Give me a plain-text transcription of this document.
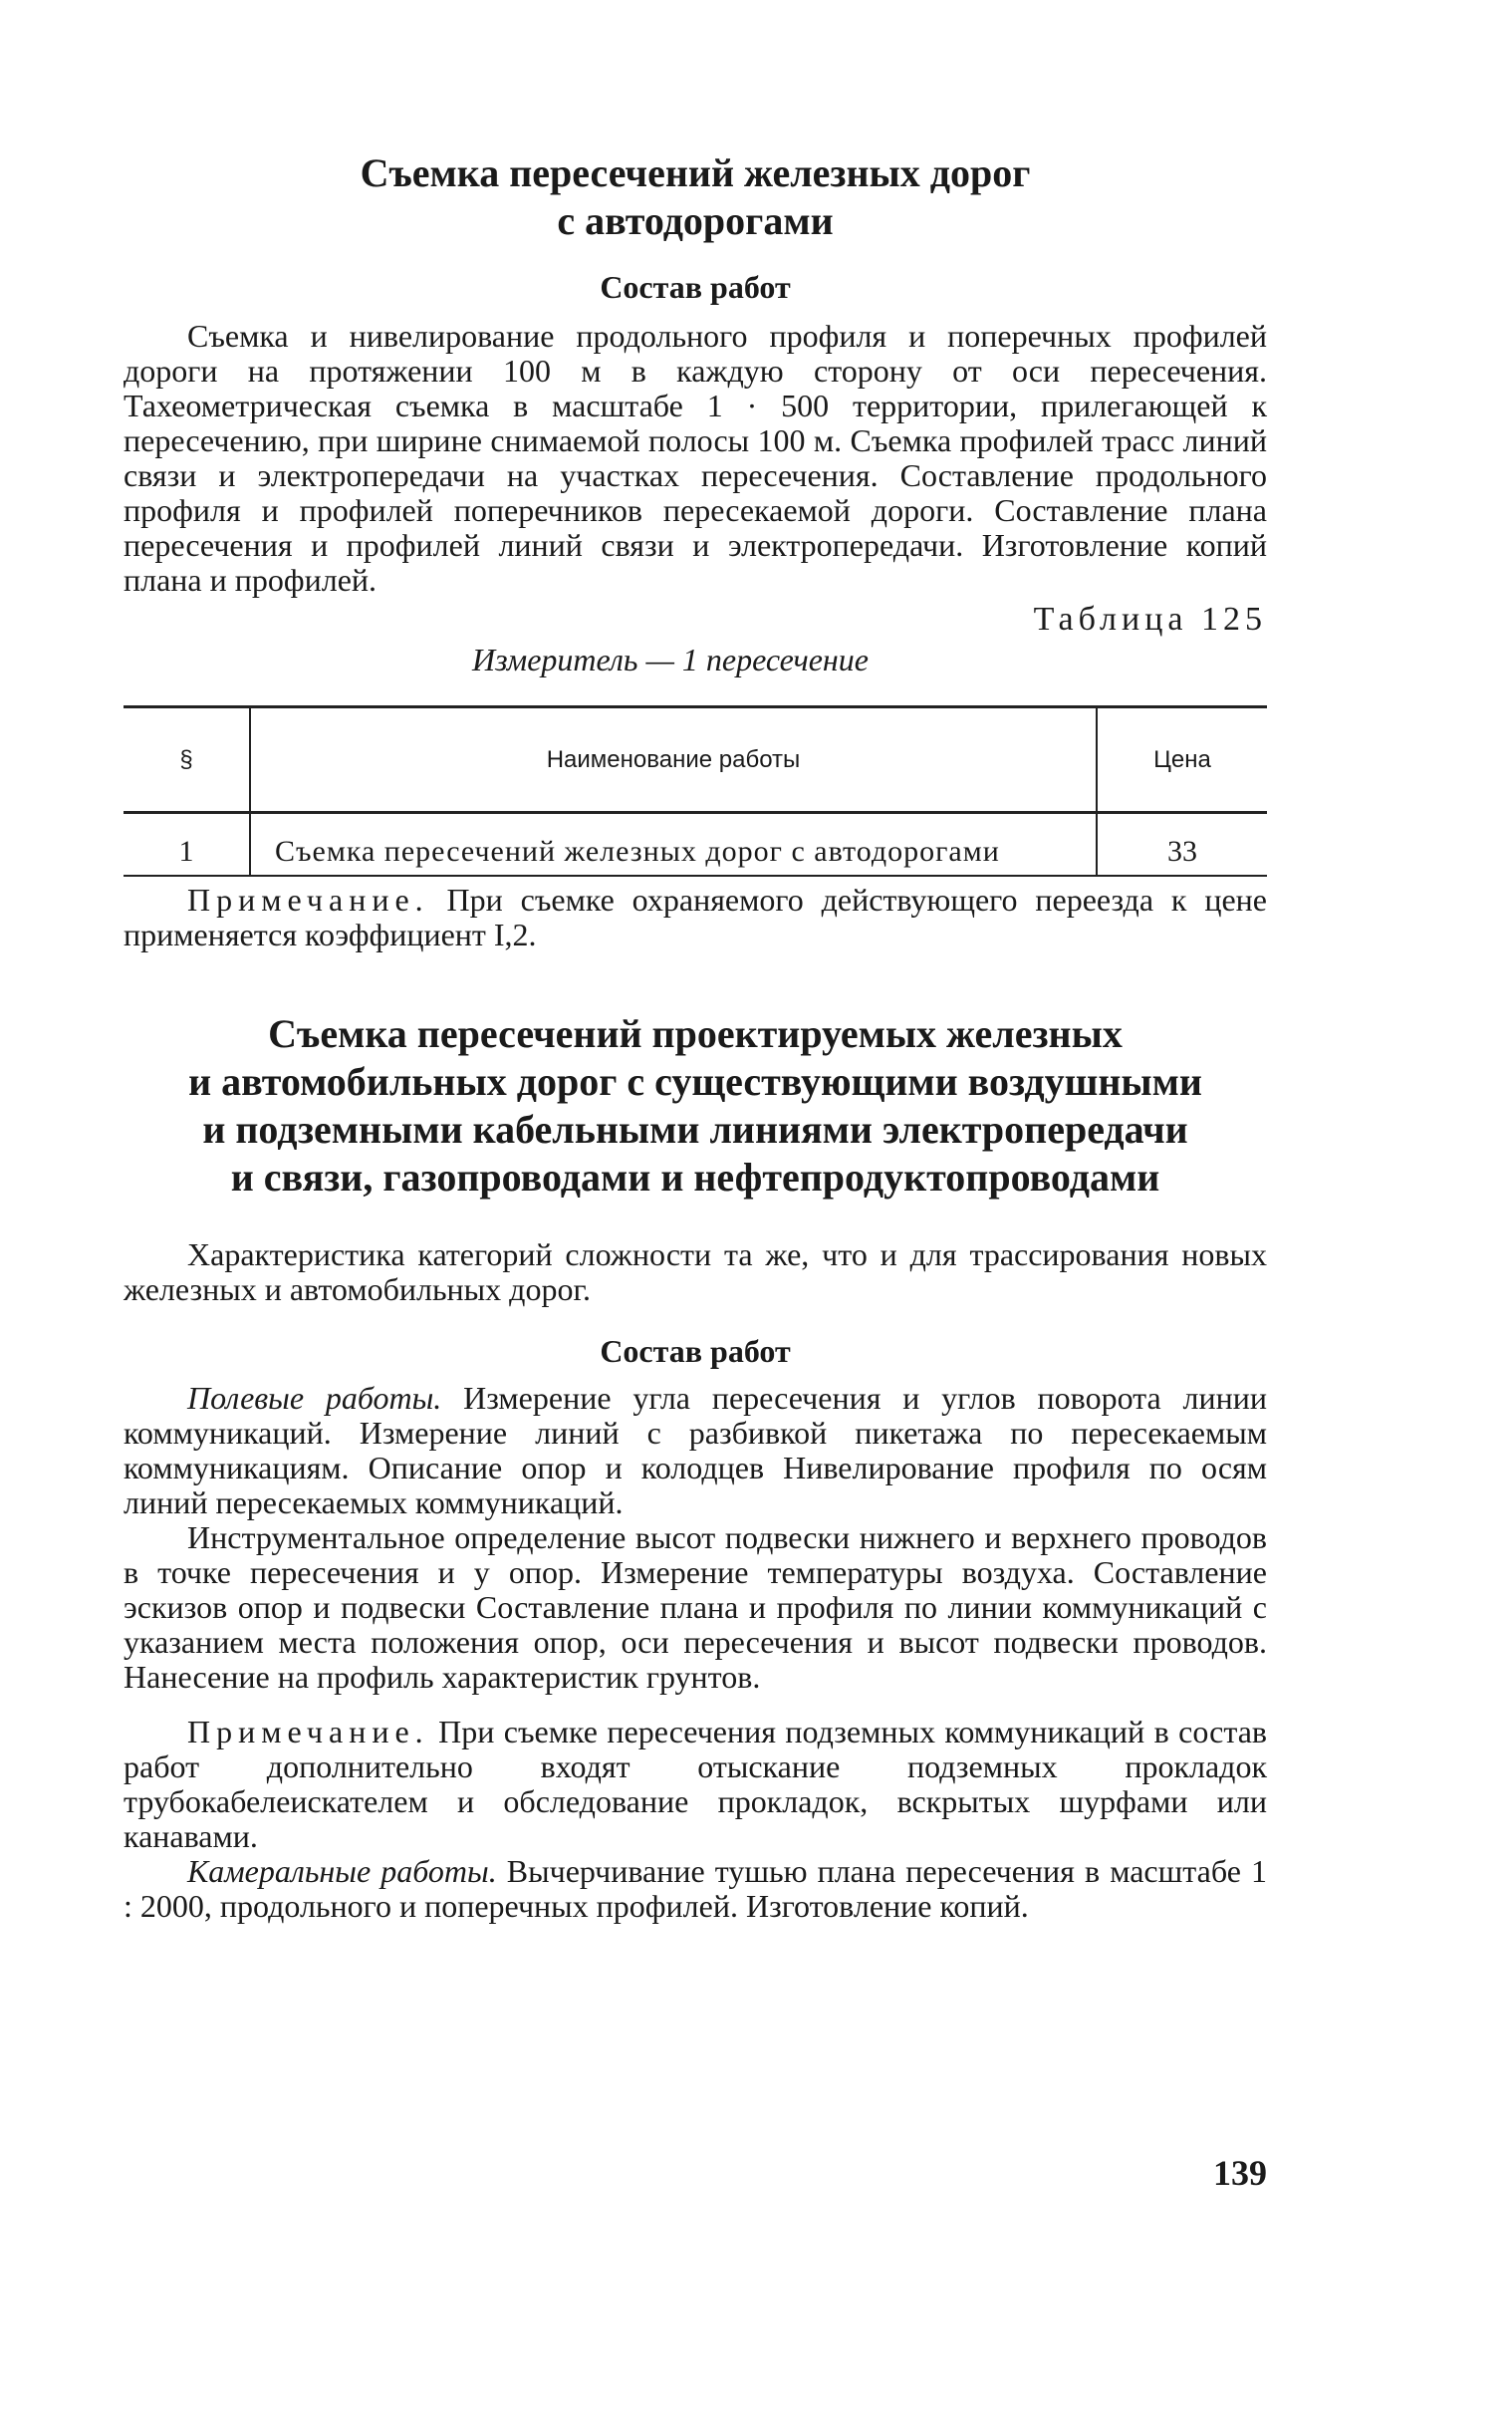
Съемка пересечений железных дорог
с автодорогами
Состав работ

Съемка и нивелирование продольного профиля и поперечных профилей дороги на протяжении 100 м в каждую сторону от оси пересечения. Тахеометрическая съемка в масштабе 1 · 500 территории, прилегающей к пересечению, при ширине снимаемой полосы 100 м. Съемка профилей трасс линий связи и электропередачи на участках пересечения. Составление продольного профиля и профилей поперечников пересекаемой дороги. Составление плана пересечения и профилей линий связи и электропередачи. Изготовление копий плана и профилей.

Таблица 125
Измеритель — 1 пересечение
§	Наименование работы	Цена
1	Съемка пересечений железных дорог с автодорогами	33

Примечание. При съемке охраняемого действующего переезда к цене применяется коэффициент I,2.

Съемка пересечений проектируемых железных
и автомобильных дорог с существующими воздушными
и подземными кабельными линиями электропередачи
и связи, газопроводами и нефтепродуктопроводами

Характеристика категорий сложности та же, что и для трассирования новых железных и автомобильных дорог.

Состав работ

Полевые работы. Измерение угла пересечения и углов поворота линии коммуникаций. Измерение линий с разбивкой пикетажа по пересекаемым коммуникациям. Описание опор и колодцев Нивелирование профиля по осям линий пересекаемых коммуникаций.

Инструментальное определение высот подвески нижнего и верхнего проводов в точке пересечения и у опор. Измерение температуры воздуха. Составление эскизов опор и подвески Составление плана и профиля по линии коммуникаций с указанием места положения опор, оси пересечения и высот подвески проводов. Нанесение на профиль характеристик грунтов.

Примечание. При съемке пересечения подземных коммуникаций в состав работ дополнительно входят отыскание подземных прокладок трубокабелеискателем и обследование прокладок, вскрытых шурфами или канавами.

Камеральные работы. Вычерчивание тушью плана пересечения в масштабе 1 : 2000, продольного и поперечных профилей. Изготовление копий.

139
